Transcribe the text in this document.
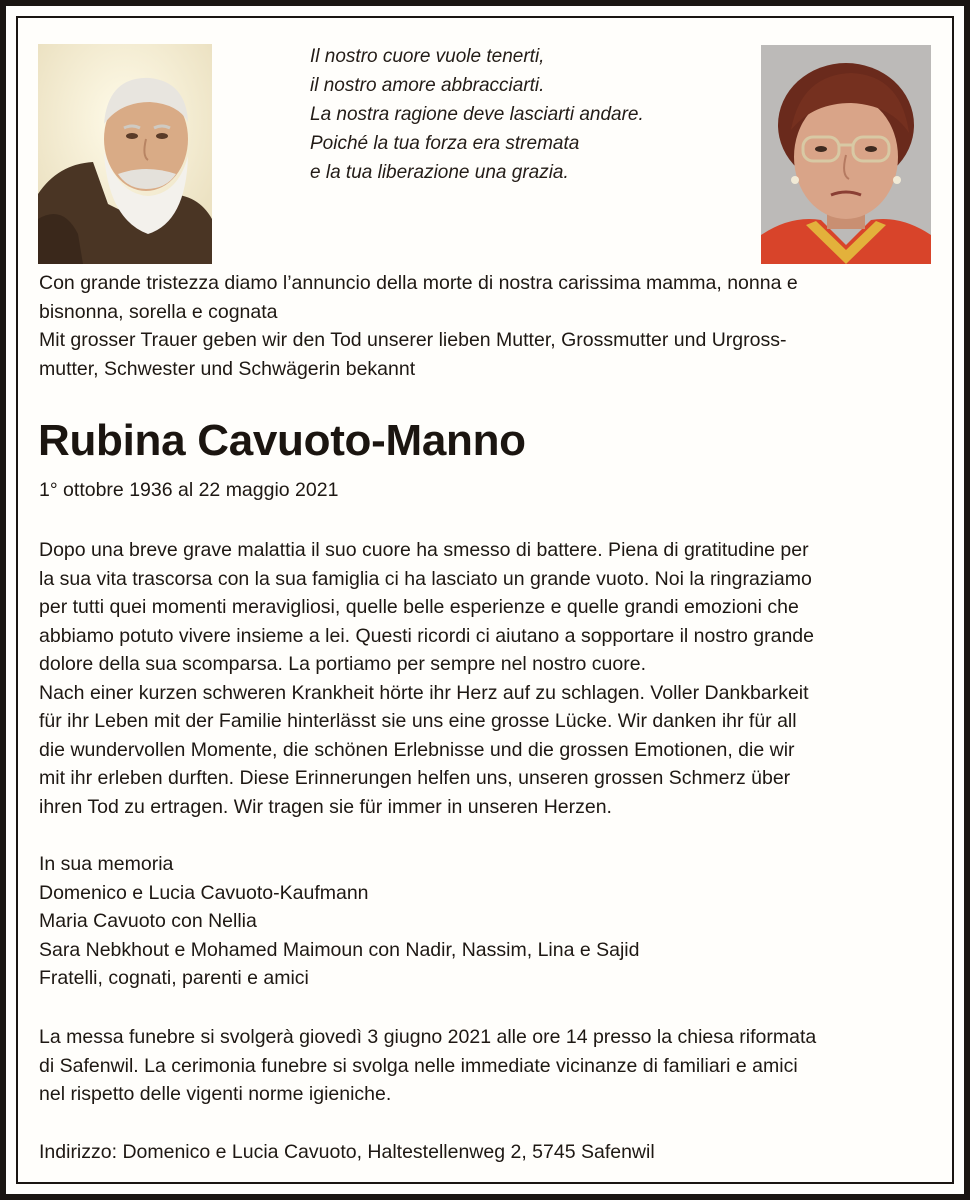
Il nostro cuore vuole tenerti,
il nostro amore abbracciarti.
La nostra ragione deve lasciarti andare.
Poiché la tua forza era stremata
e la tua liberazione una grazia.
Con grande tristezza diamo l’annuncio della morte di nostra carissima mamma, nonna e
bisnonna, sorella e cognata
Mit grosser Trauer geben wir den Tod unserer lieben Mutter, Grossmutter und Urgross-
mutter, Schwester und Schwägerin bekannt
Rubina Cavuoto-Manno
1° ottobre 1936 al 22 maggio 2021
Dopo una breve grave malattia il suo cuore ha smesso di battere. Piena di gratitudine per
la sua vita trascorsa con la sua famiglia ci ha lasciato un grande vuoto. Noi la ringraziamo
per tutti quei momenti meravigliosi, quelle belle esperienze e quelle grandi emozioni che
abbiamo potuto vivere insieme a lei. Questi ricordi ci aiutano a sopportare il nostro grande
dolore della sua scomparsa. La portiamo per sempre nel nostro cuore.
Nach einer kurzen schweren Krankheit hörte ihr Herz auf zu schlagen. Voller Dankbarkeit
für ihr Leben mit der Familie hinterlässt sie uns eine grosse Lücke. Wir danken ihr für all
die wundervollen Momente, die schönen Erlebnisse und die grossen Emotionen, die wir
mit ihr erleben durften. Diese Erinnerungen helfen uns, unseren grossen Schmerz über
ihren Tod zu ertragen. Wir tragen sie für immer in unseren Herzen.
In sua memoria
Domenico e Lucia Cavuoto-Kaufmann
Maria Cavuoto con Nellia
Sara Nebkhout e Mohamed Maimoun con Nadir, Nassim, Lina e Sajid
Fratelli, cognati, parenti e amici
La messa funebre si svolgerà giovedì 3 giugno 2021 alle ore 14 presso la chiesa riformata
di Safenwil. La cerimonia funebre si svolga nelle immediate vicinanze di familiari e amici
nel rispetto delle vigenti norme igieniche.
Indirizzo: Domenico e Lucia Cavuoto, Haltestellenweg 2, 5745 Safenwil
